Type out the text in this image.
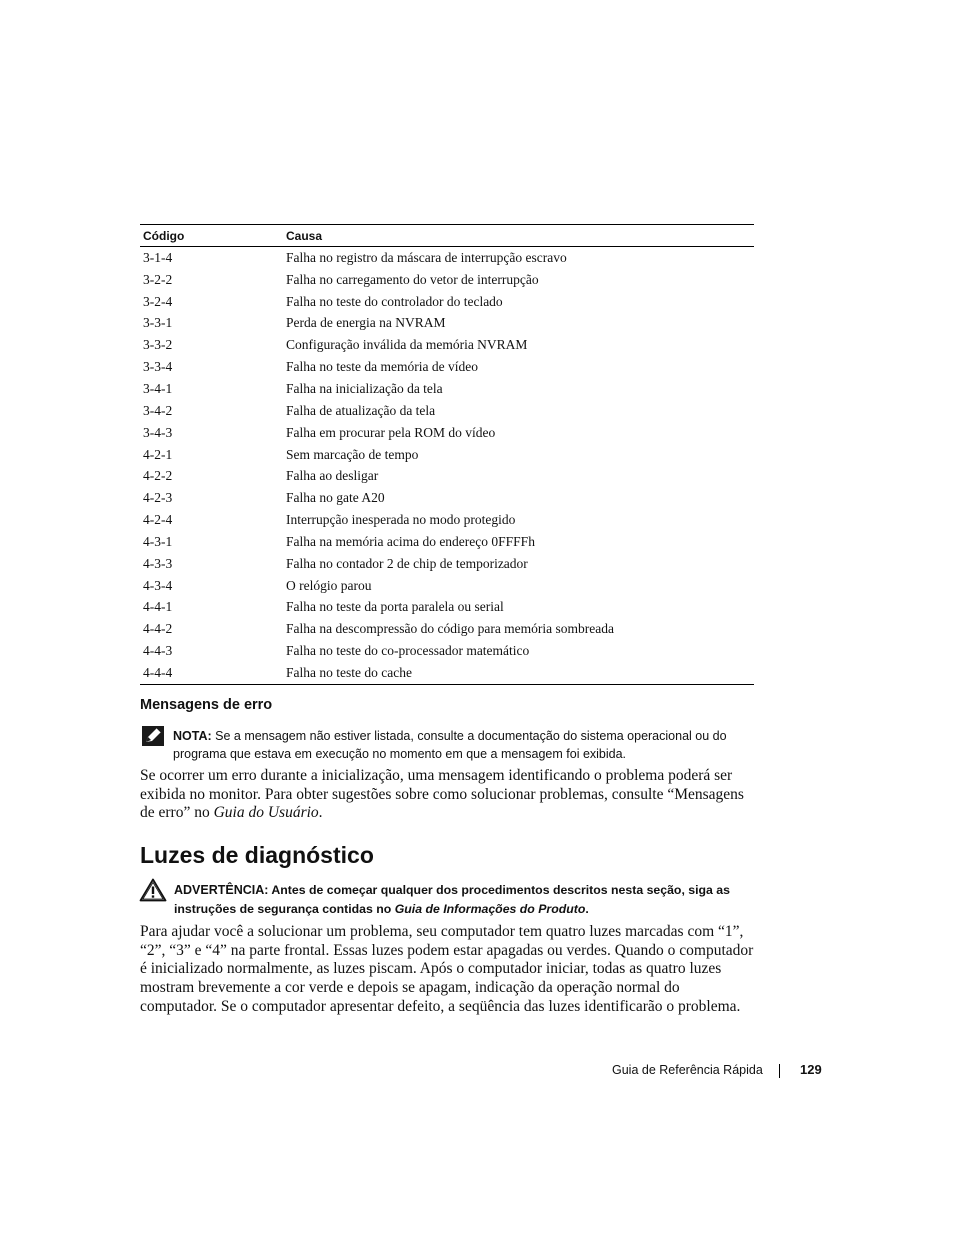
Código	Causa
3-1-4	Falha no registro da máscara de interrupção escravo
3-2-2	Falha no carregamento do vetor de interrupção
3-2-4	Falha no teste do controlador do teclado
3-3-1	Perda de energia na NVRAM
3-3-2	Configuração inválida da memória NVRAM
3-3-4	Falha no teste da memória de vídeo
3-4-1	Falha na inicialização da tela
3-4-2	Falha de atualização da tela
3-4-3	Falha em procurar pela ROM do vídeo
4-2-1	Sem marcação de tempo
4-2-2	Falha ao desligar
4-2-3	Falha no gate A20
4-2-4	Interrupção inesperada no modo protegido
4-3-1	Falha na memória acima do endereço 0FFFFh
4-3-3	Falha no contador 2 de chip de temporizador
4-3-4	O relógio parou
4-4-1	Falha no teste da porta paralela ou serial
4-4-2	Falha na descompressão do código para memória sombreada
4-4-3	Falha no teste do co-processador matemático
4-4-4	Falha no teste do cache
Mensagens de erro
NOTA: Se a mensagem não estiver listada, consulte a documentação do sistema operacional ou do
programa que estava em execução no momento em que a mensagem foi exibida.
Se ocorrer um erro durante a inicialização, uma mensagem identificando o problema poderá ser exibida no monitor. Para obter sugestões sobre como solucionar problemas, consulte “Mensagens de erro” no Guia do Usuário.
Luzes de diagnóstico
ADVERTÊNCIA: Antes de começar qualquer dos procedimentos descritos nesta seção, siga as
instruções de segurança contidas no Guia de Informações do Produto.
Para ajudar você a solucionar um problema, seu computador tem quatro luzes marcadas com “1”, “2”, “3” e “4” na parte frontal. Essas luzes podem estar apagadas ou verdes. Quando o computador é inicializado normalmente, as luzes piscam. Após o computador iniciar, todas as quatro luzes mostram brevemente a cor verde e depois se apagam, indicação da operação normal do computador. Se o computador apresentar defeito, a seqüência das luzes identificarão o problema.
Guia de Referência Rápida	129
